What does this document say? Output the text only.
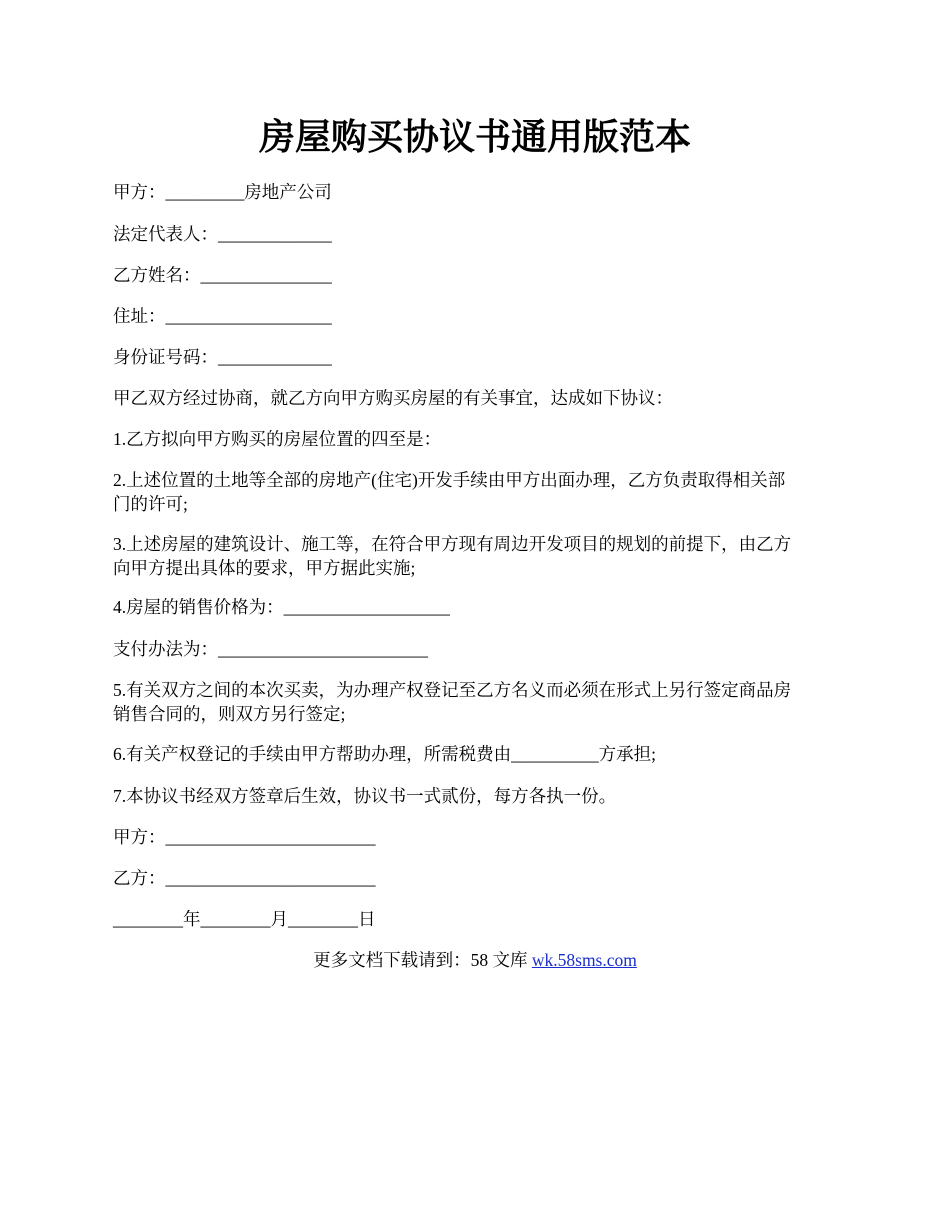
房屋购买协议书通用版范本

甲方：_________房地产公司

法定代表人：_____________

乙方姓名：_______________

住址：___________________

身份证号码：_____________

甲乙双方经过协商，就乙方向甲方购买房屋的有关事宜，达成如下协议：

1.乙方拟向甲方购买的房屋位置的四至是：

2.上述位置的土地等全部的房地产(住宅)开发手续由甲方出面办理，乙方负责取得相关部

门的许可;

3.上述房屋的建筑设计、施工等，在符合甲方现有周边开发项目的规划的前提下，由乙方

向甲方提出具体的要求，甲方据此实施;

4.房屋的销售价格为：___________________

支付办法为：________________________

5.有关双方之间的本次买卖，为办理产权登记至乙方名义而必须在形式上另行签定商品房

销售合同的，则双方另行签定;

6.有关产权登记的手续由甲方帮助办理，所需税费由__________方承担;

7.本协议书经双方签章后生效，协议书一式贰份，每方各执一份。

甲方：________________________

乙方：________________________

________年________月________日

更多文档下载请到：58 文库 wk.58sms.com
